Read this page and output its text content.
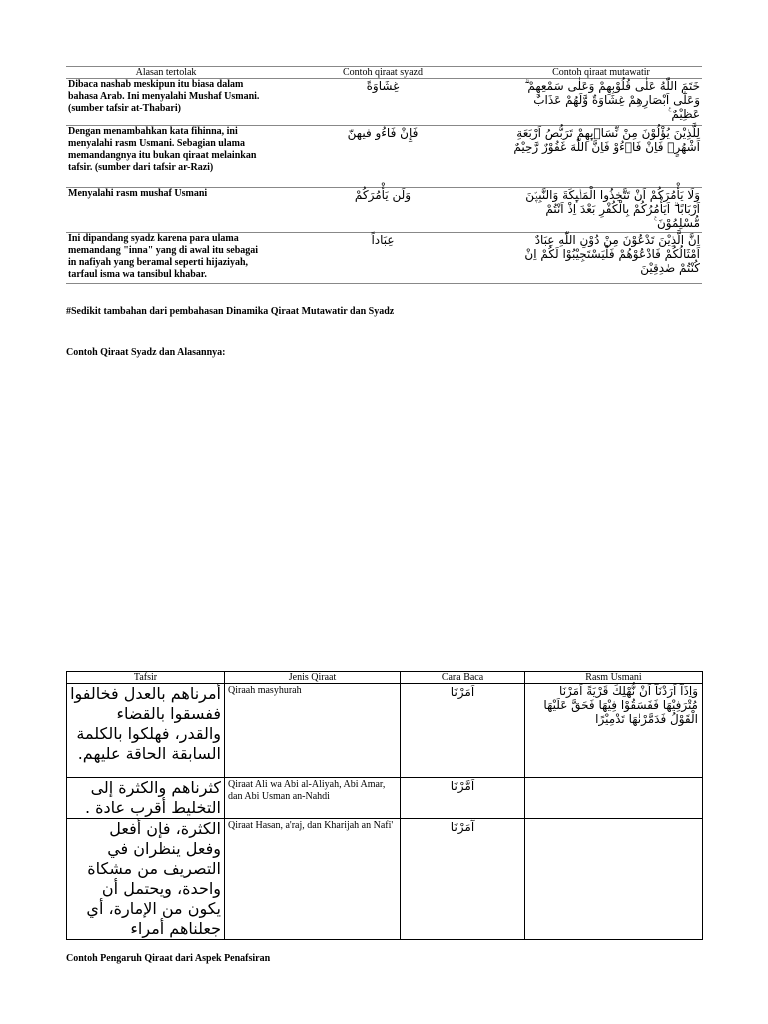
Alasan tertolak	Contoh qiraat syazd	Contoh qiraat mutawatir
Dibaca nashab meskipun itu biasa dalam bahasa Arab. Ini menyalahi Mushaf Usmani. (sumber tafsir at-Thabari)	غِشَاوَةً	خَتَمَ اللّٰهُ عَلٰى قُلُوْبِهِمْ وَعَلٰى سَمْعِهِمْ ۗ وَعَلٰٓى اَبْصَارِهِمْ غِشَاوَةٌ وَّلَهُمْ عَذَابٌ عَظِيْمٌ ࣖ
Dengan menambahkan kata fihinna, ini menyalahi rasm Usmani. Sebagian ulama memandangnya itu bukan qiraat melainkan tafsir. (sumber dari tafsir ar-Razi)	فَإِنْ فَاءُو فيهنّ	لِلَّذِيْنَ يُؤْلُوْنَ مِنْ نِّسَاۤىِٕهِمْ تَرَبُّصُ اَرْبَعَةِ اَشْهُرٍۚ فَاِنْ فَاۤءُوْ فَاِنَّ اللّٰهَ غَفُوْرٌ رَّحِيْمٌ
Menyalahi rasm mushaf Usmani	وَلَن يَأْمُرَكُمْ	وَلَا يَأْمُرَكُمْ اَنْ تَتَّخِذُوا الْمَلٰۤىِٕكَةَ وَالنَّبِيّٖنَ اَرْبَابًا ۗ اَيَأْمُرُكُمْ بِالْكُفْرِ بَعْدَ اِذْ اَنْتُمْ مُّسْلِمُوْنَ ࣖ
Ini dipandang syadz karena para ulama memandang "inna" yang di awal itu sebagai in nafiyah yang beramal seperti hijaziyah, tarfaul isma wa tansibul khabar.	عِبَاداً	اِنَّ الَّذِيْنَ تَدْعُوْنَ مِنْ دُوْنِ اللّٰهِ عِبَادٌ اَمْثَالُكُمْ فَادْعُوْهُمْ فَلْيَسْتَجِيْبُوْا لَكُمْ اِنْ كُنْتُمْ صٰدِقِيْنَ
#Sedikit tambahan dari pembahasan Dinamika Qiraat Mutawatir dan Syadz
Contoh Qiraat Syadz dan Alasannya:
Tafsir	Jenis Qiraat	Cara Baca	Rasm Usmani
أمرناهم بالعدل فخالفوا ففسقوا بالقضاء والقدر، فهلكوا بالكلمة السابقة الحاقة عليهم.	Qiraah masyhurah	اَمَرْنَا	وَاِذَآ اَرَدْنَآ اَنْ نُّهْلِكَ قَرْيَةً اَمَرْنَا مُتْرَفِيْهَا فَفَسَقُوْا فِيْهَا فَحَقَّ عَلَيْهَا الْقَوْلُ فَدَمَّرْنٰهَا تَدْمِيْرًا
كثرناهم والكثرة إلى التخليط أقرب عادة .	Qiraat Ali wa Abi al-Aliyah, Abi Amar, dan Abi Usman an-Nahdi	اَمَّرْنَا	
الكثرة، فإن أفعل وفعل ينظران في التصريف من مشكاة واحدة، ويحتمل أن يكون من الإمارة، أي جعلناهم أمراء	Qiraat Hasan, a'raj, dan Kharijah an Nafi'	آمَرْنَا	
Contoh Pengaruh Qiraat dari Aspek Penafsiran
